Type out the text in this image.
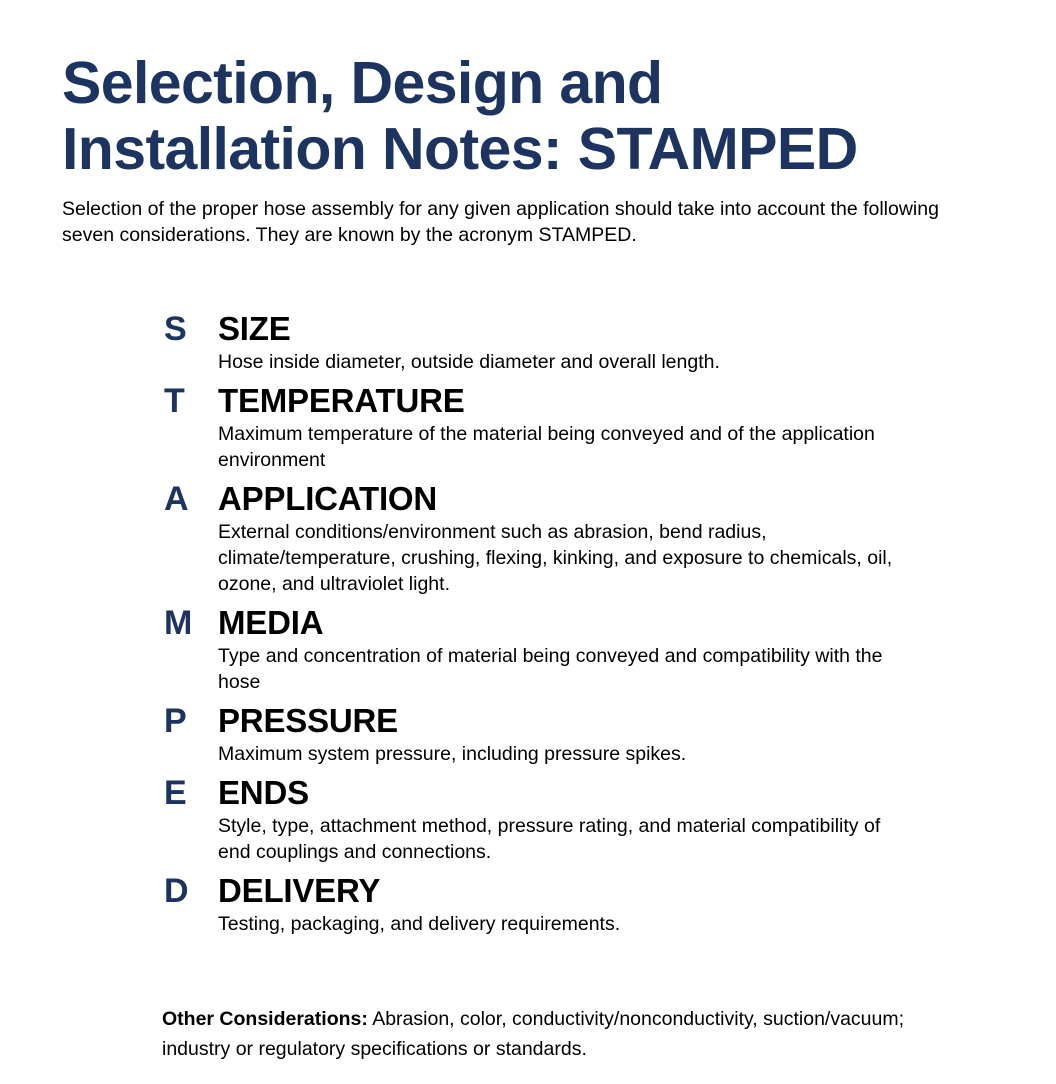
Selection, Design and
Installation Notes: STAMPED
Selection of the proper hose assembly for any given application should take into account the following seven considerations. They are known by the acronym STAMPED.
S SIZE
Hose inside diameter, outside diameter and overall length.
T	TEMPERATURE
Maximum temperature of the material being conveyed and of the application environment
A APPLICATION
External conditions/environment such as abrasion, bend radius, climate/temperature, crushing, flexing, kinking, and exposure to chemicals, oil, ozone, and ultraviolet light.
M MEDIA
Type and concentration of material being conveyed and compatibility with the hose
P PRESSURE
Maximum system pressure, including pressure spikes.
E ENDS
Style, type, attachment method, pressure rating, and material compatibility of end couplings and connections.
D DELIVERY
Testing, packaging, and delivery requirements.
Other Considerations: Abrasion, color, conductivity/nonconductivity, suction/vacuum; industry or regulatory specifications or standards.
